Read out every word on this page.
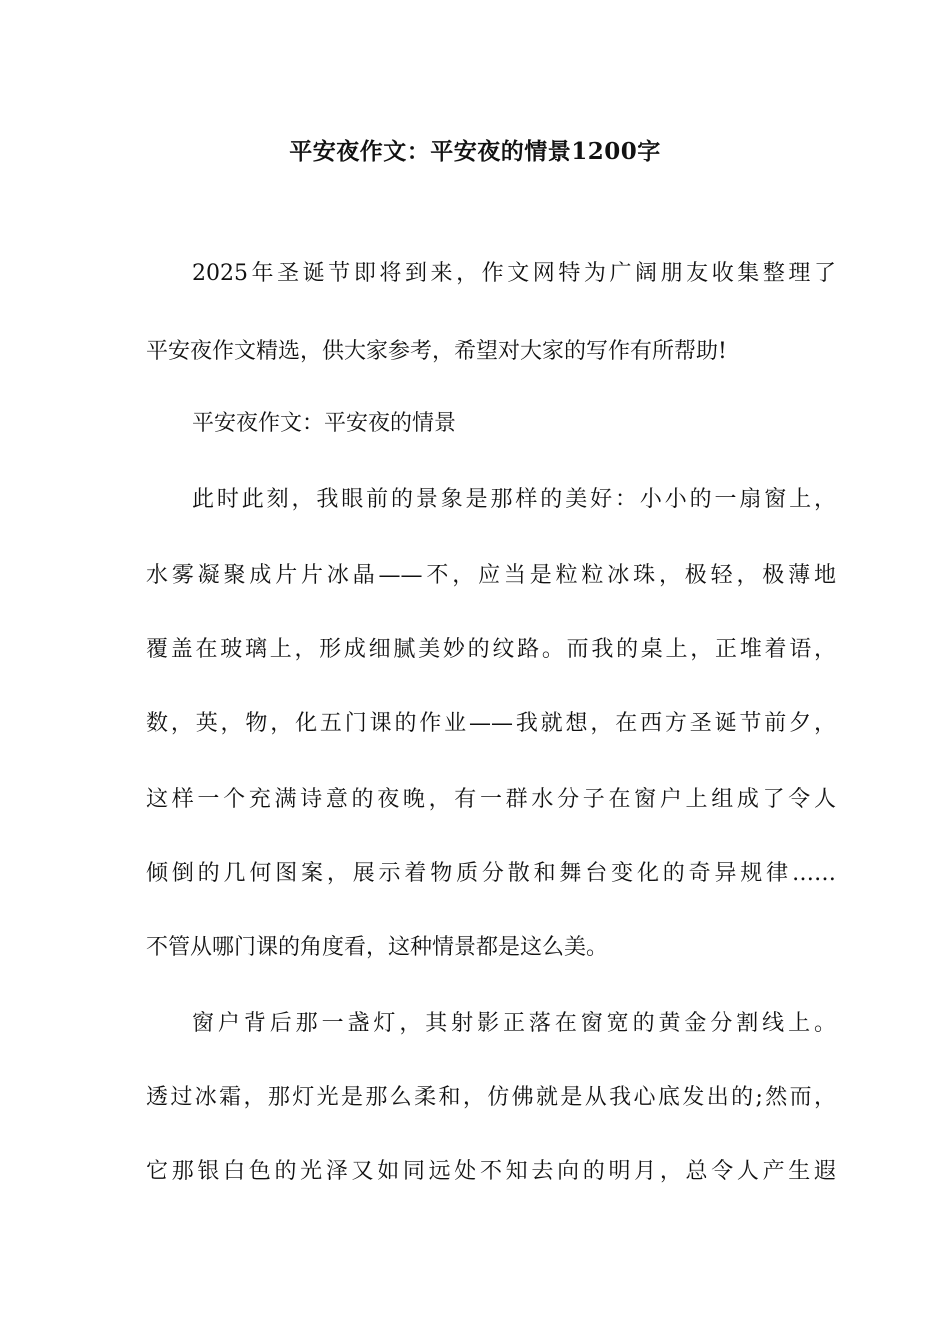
平安夜作文：平安夜的情景1200字
2025年圣诞节即将到来，作文网特为广阔朋友收集整理了
平安夜作文精选，供大家参考，希望对大家的写作有所帮助!
平安夜作文：平安夜的情景
此时此刻，我眼前的景象是那样的美好：小小的一扇窗上，
水雾凝聚成片片冰晶——不，应当是粒粒冰珠，极轻，极薄地
覆盖在玻璃上，形成细腻美妙的纹路。而我的桌上，正堆着语，
数，英，物，化五门课的作业——我就想，在西方圣诞节前夕，
这样一个充满诗意的夜晚，有一群水分子在窗户上组成了令人
倾倒的几何图案，展示着物质分散和舞台变化的奇异规律……
不管从哪门课的角度看，这种情景都是这么美。
窗户背后那一盏灯，其射影正落在窗宽的黄金分割线上。
透过冰霜，那灯光是那么柔和，仿佛就是从我心底发出的;然而，
它那银白色的光泽又如同远处不知去向的明月，总令人产生遐
